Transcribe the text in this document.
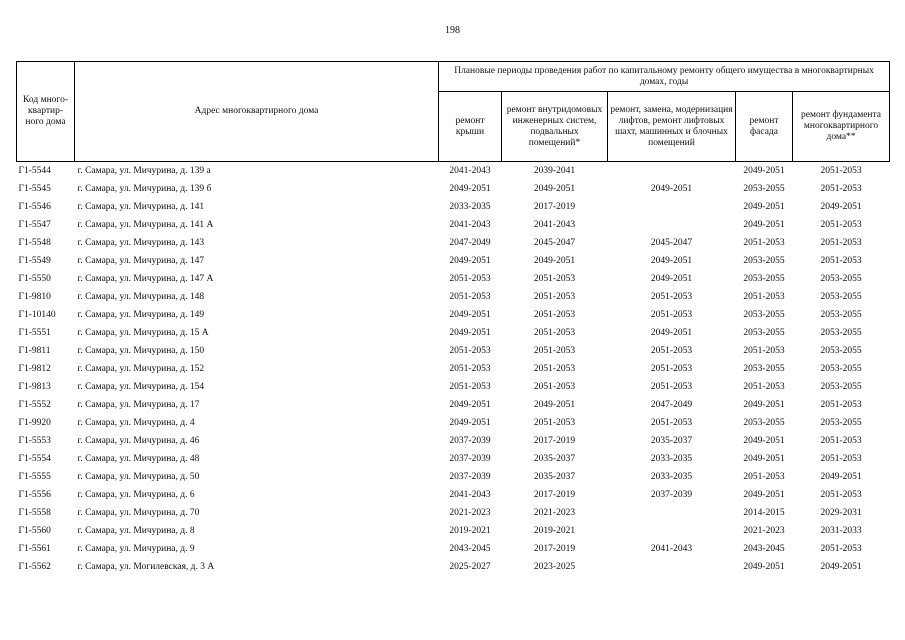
198
Код много-квартир-ного дома	Адрес многоквартирного дома	Плановые периоды проведения работ по капитальному ремонту общего имущества в многоквартирных домах, годы				
		ремонт крыши	ремонт внутридомовых инженерных систем, подвальных помещений*	ремонт, замена, модернизация лифтов, ремонт лифтовых шахт, машинных и блочных помещений	ремонт фасада	ремонт фундамента многоквартирного дома**
Г1-5544	г. Самара, ул. Мичурина, д. 139 а	2041-2043	2039-2041		2049-2051	2051-2053
Г1-5545	г. Самара, ул. Мичурина, д. 139 б	2049-2051	2049-2051	2049-2051	2053-2055	2051-2053
Г1-5546	г. Самара, ул. Мичурина, д. 141	2033-2035	2017-2019		2049-2051	2049-2051
Г1-5547	г. Самара, ул. Мичурина, д. 141 А	2041-2043	2041-2043		2049-2051	2051-2053
Г1-5548	г. Самара, ул. Мичурина, д. 143	2047-2049	2045-2047	2045-2047	2051-2053	2051-2053
Г1-5549	г. Самара, ул. Мичурина, д. 147	2049-2051	2049-2051	2049-2051	2053-2055	2051-2053
Г1-5550	г. Самара, ул. Мичурина, д. 147 А	2051-2053	2051-2053	2049-2051	2053-2055	2053-2055
Г1-9810	г. Самара, ул. Мичурина, д. 148	2051-2053	2051-2053	2051-2053	2051-2053	2053-2055
Г1-10140	г. Самара, ул. Мичурина, д. 149	2049-2051	2051-2053	2051-2053	2053-2055	2053-2055
Г1-5551	г. Самара, ул. Мичурина, д. 15 А	2049-2051	2051-2053	2049-2051	2053-2055	2053-2055
Г1-9811	г. Самара, ул. Мичурина, д. 150	2051-2053	2051-2053	2051-2053	2051-2053	2053-2055
Г1-9812	г. Самара, ул. Мичурина, д. 152	2051-2053	2051-2053	2051-2053	2053-2055	2053-2055
Г1-9813	г. Самара, ул. Мичурина, д. 154	2051-2053	2051-2053	2051-2053	2051-2053	2053-2055
Г1-5552	г. Самара, ул. Мичурина, д. 17	2049-2051	2049-2051	2047-2049	2049-2051	2051-2053
Г1-9920	г. Самара, ул. Мичурина, д. 4	2049-2051	2051-2053	2051-2053	2053-2055	2053-2055
Г1-5553	г. Самара, ул. Мичурина, д. 46	2037-2039	2017-2019	2035-2037	2049-2051	2051-2053
Г1-5554	г. Самара, ул. Мичурина, д. 48	2037-2039	2035-2037	2033-2035	2049-2051	2051-2053
Г1-5555	г. Самара, ул. Мичурина, д. 50	2037-2039	2035-2037	2033-2035	2051-2053	2049-2051
Г1-5556	г. Самара, ул. Мичурина, д. 6	2041-2043	2017-2019	2037-2039	2049-2051	2051-2053
Г1-5558	г. Самара, ул. Мичурина, д. 70	2021-2023	2021-2023		2014-2015	2029-2031
Г1-5560	г. Самара, ул. Мичурина, д. 8	2019-2021	2019-2021		2021-2023	2031-2033
Г1-5561	г. Самара, ул. Мичурина, д. 9	2043-2045	2017-2019	2041-2043	2043-2045	2051-2053
Г1-5562	г. Самара, ул. Могилевская, д. 3 А	2025-2027	2023-2025		2049-2051	2049-2051
